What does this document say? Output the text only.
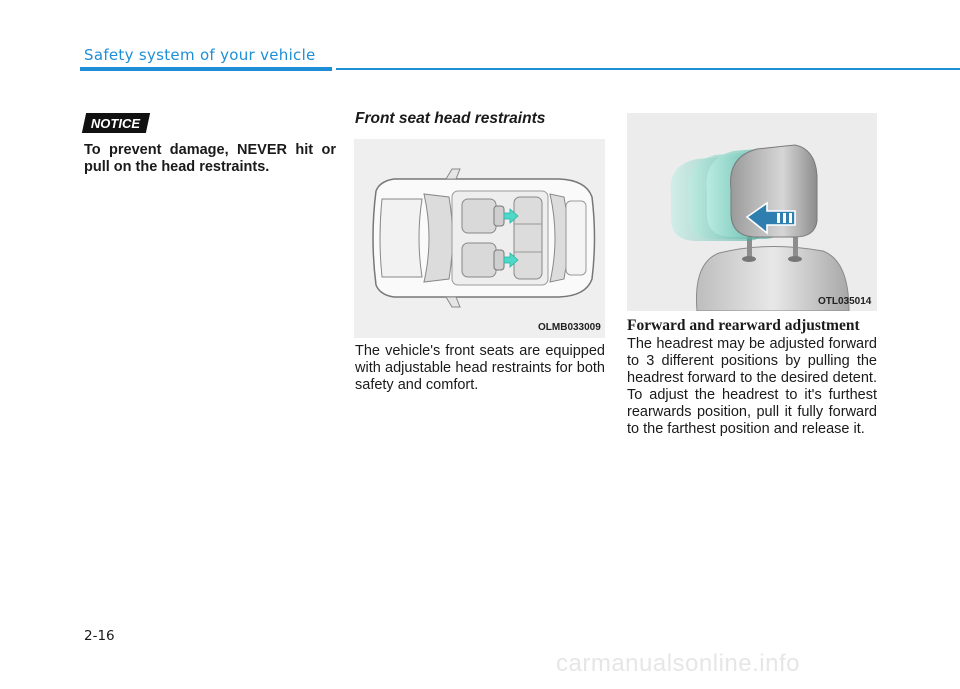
Safety system of your vehicle
NOTICE
To prevent damage, NEVER hit or pull on the head restraints.
Front seat head restraints
OLMB033009
The vehicle's front seats are equipped with adjustable head restraints for both safety and comfort.
OTL035014
Forward and rearward adjustment
The headrest may be adjusted forward to 3 different positions by pulling the headrest forward to the desired detent. To adjust the headrest to it's furthest rearwards position, pull it fully forward to the farthest position and release it.
2-16
carmanualsonline.info
